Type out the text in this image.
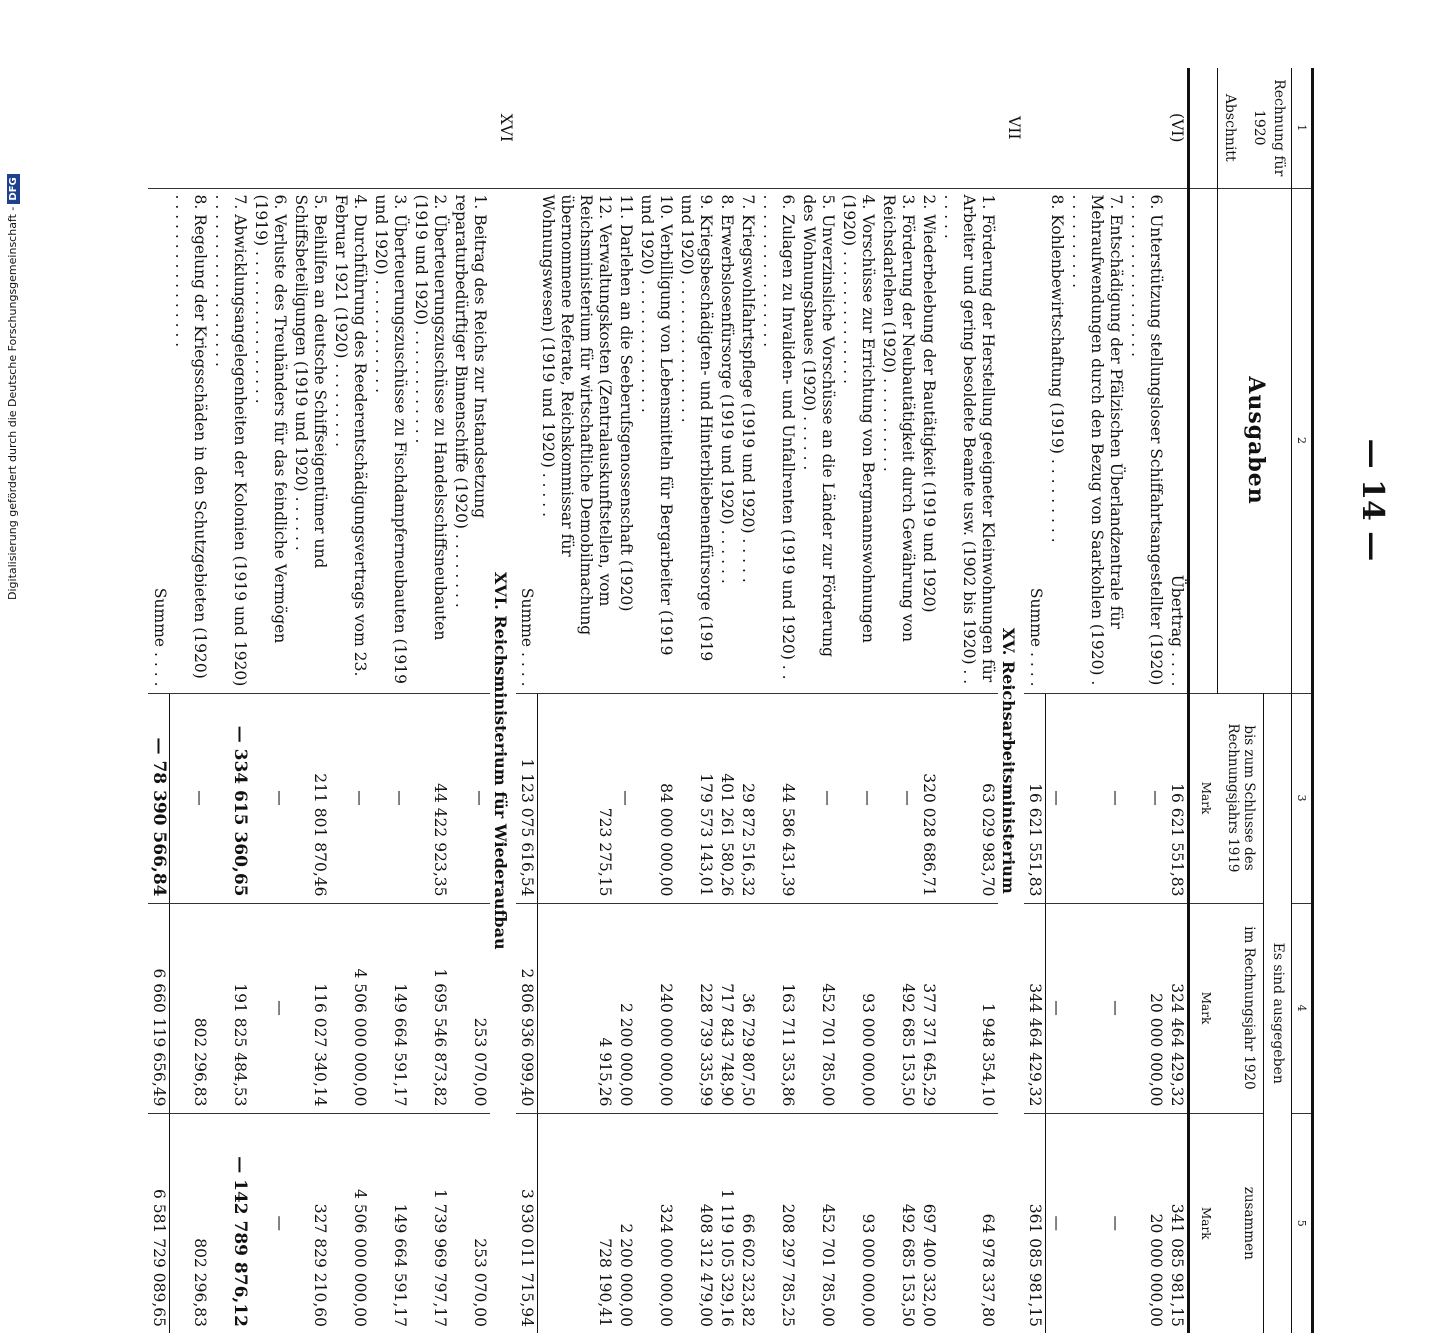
Digitalisierung gefördert durch die Deutsche Forschungsgemeinschaft -DFG
— 14 —
1	2	3	4	5

Rechnung für 1920
Abschnitt	Ausgaben	Es sind ausgegeben		
		bis zum Schlusse des Rechnungsjahrs 1919	im Rechnungsjahr 1920	zusammen
		Mark	Mark	Mark
(VI)	Übertrag . . . .	16 621 551,83	324 464 429,32	341 085 981,15
	6. Unterstützung stellungsloser Schiffahrtsangestellter (1920) . . . . . . . . . . . . . . . . .	—	20 000 000,00	20 000 000,00
	7. Entschädigung der Pfälzischen Überlandzentrale für Mehraufwendungen durch den Bezug von Saarkohlen (1920) . . . . . . . . . . .	—	—	—
	8. Kohlenbewirtschaftung (1919) . . . . . . . . .	—	—	—
	Summe . . . .	16 621 551,83	344 464 429,32	361 085 981,15
VII	XV. Reichsarbeitsministerium			
	1. Förderung der Herstellung geeigneter Kleinwohnungen für Arbeiter und gering besoldete Beamte usw. (1902 bis 1920) . . . . . . .	63 029 983,70	1 948 354,10	64 978 337,80
	2. Wiederbelebung der Bautätigkeit (1919 und 1920)	320 028 686,71	377 371 645,29	697 400 332,00
	3. Förderung der Neubautätigkeit durch Gewährung von Reichsdarlehen (1920) . . . . . . . . . .	—	492 685 153,50	492 685 153,50
	4. Vorschüsse zur Errichtung von Bergmannswohnungen (1920) . . . . . . . . . . . . . .	—	93 000 000,00	93 000 000,00
	5. Unverzinsliche Vorschüsse an die Länder zur Förderung des Wohnungsbaues (1920) . . . . . .	—	452 701 785,00	452 701 785,00
	6. Zulagen zu Invaliden- und Unfallrenten (1919 und 1920) . . . . . . . . . . . . . . . . . .	44 586 431,39	163 711 353,86	208 297 785,25
	7. Kriegswohlfahrtspflege (1919 und 1920) . . . . .	29 872 516,32	36 729 807,50	66 602 323,82
	8. Erwerbslosenfürsorge (1919 und 1920) . . . . . .	401 261 580,26	717 843 748,90	1 119 105 329,16
	9. Kriegsbeschädigten- und Hinterbliebenenfürsorge (1919 und 1920) . . . . . . . . . . . . . . .	179 573 143,01	228 739 335,99	408 312 479,00
	10. Verbilligung von Lebensmitteln für Bergarbeiter (1919 und 1920) . . . . . . . . . . . . . .	84 000 000,00	240 000 000,00	324 000 000,00
	11. Darlehen an die Seeberufsgenossenschaft (1920)	—	2 200 000,00	2 200 000,00
	12. Verwaltungskosten (Zentralauskunftstellen, vom Reichsministerium für wirtschaftliche Demobilmachung übernommene Referate, Reichskommissar für Wohnungswesen) (1919 und 1920) . . . . .	723 275,15	4 915,26	728 190,41
	Summe . . . .	1 123 075 616,54	2 806 936 099,40	3 930 011 715,94
XVI	XVI. Reichsministerium für Wiederaufbau			
	1. Beitrag des Reichs zur Instandsetzung reparaturbedürftiger Binnenschiffe (1920) . . . . . . . .	—	253 070,00	253 070,00
	2. Überteuerungszuschüsse zu Handelsschiffsneubauten (1919 und 1920) . . . . . . . . . . . .	44 422 923,35	1 695 546 873,82	1 739 969 797,17
	3. Überteuerungszuschüsse zu Fischdampferneubauten (1919 und 1920) . . . . . . . . . . . .	—	149 664 591,17	149 664 591,17
	4. Durchführung des Reederentschädigungsvertrags vom 23. Februar 1921 (1920) . . . . . . . . .	—	4 506 000 000,00	4 506 000 000,00
	5. Beihilfen an deutsche Schiffseigentümer und Schiffsbeteiligungen (1919 und 1920) . . . . . .	211 801 870,46	116 027 340,14	327 829 210,60
	6. Verluste des Treuhänders für das feindliche Vermögen (1919) . . . . . . . . . . . . . . . .	—	—	—
	7. Abwicklungsangelegenheiten der Kolonien (1919 und 1920) . . . . . . . . . . . . . . . . . .	— 334 615 360,65	191 825 484,53	— 142 789 876,12
	8. Regelung der Kriegsschäden in den Schutzgebieten (1920) . . . . . . . . . . . . . . . .	—	802 296,83	802 296,83
	Summe . . . .	— 78 390 566,84	6 660 119 656,49	6 581 729 089,65
